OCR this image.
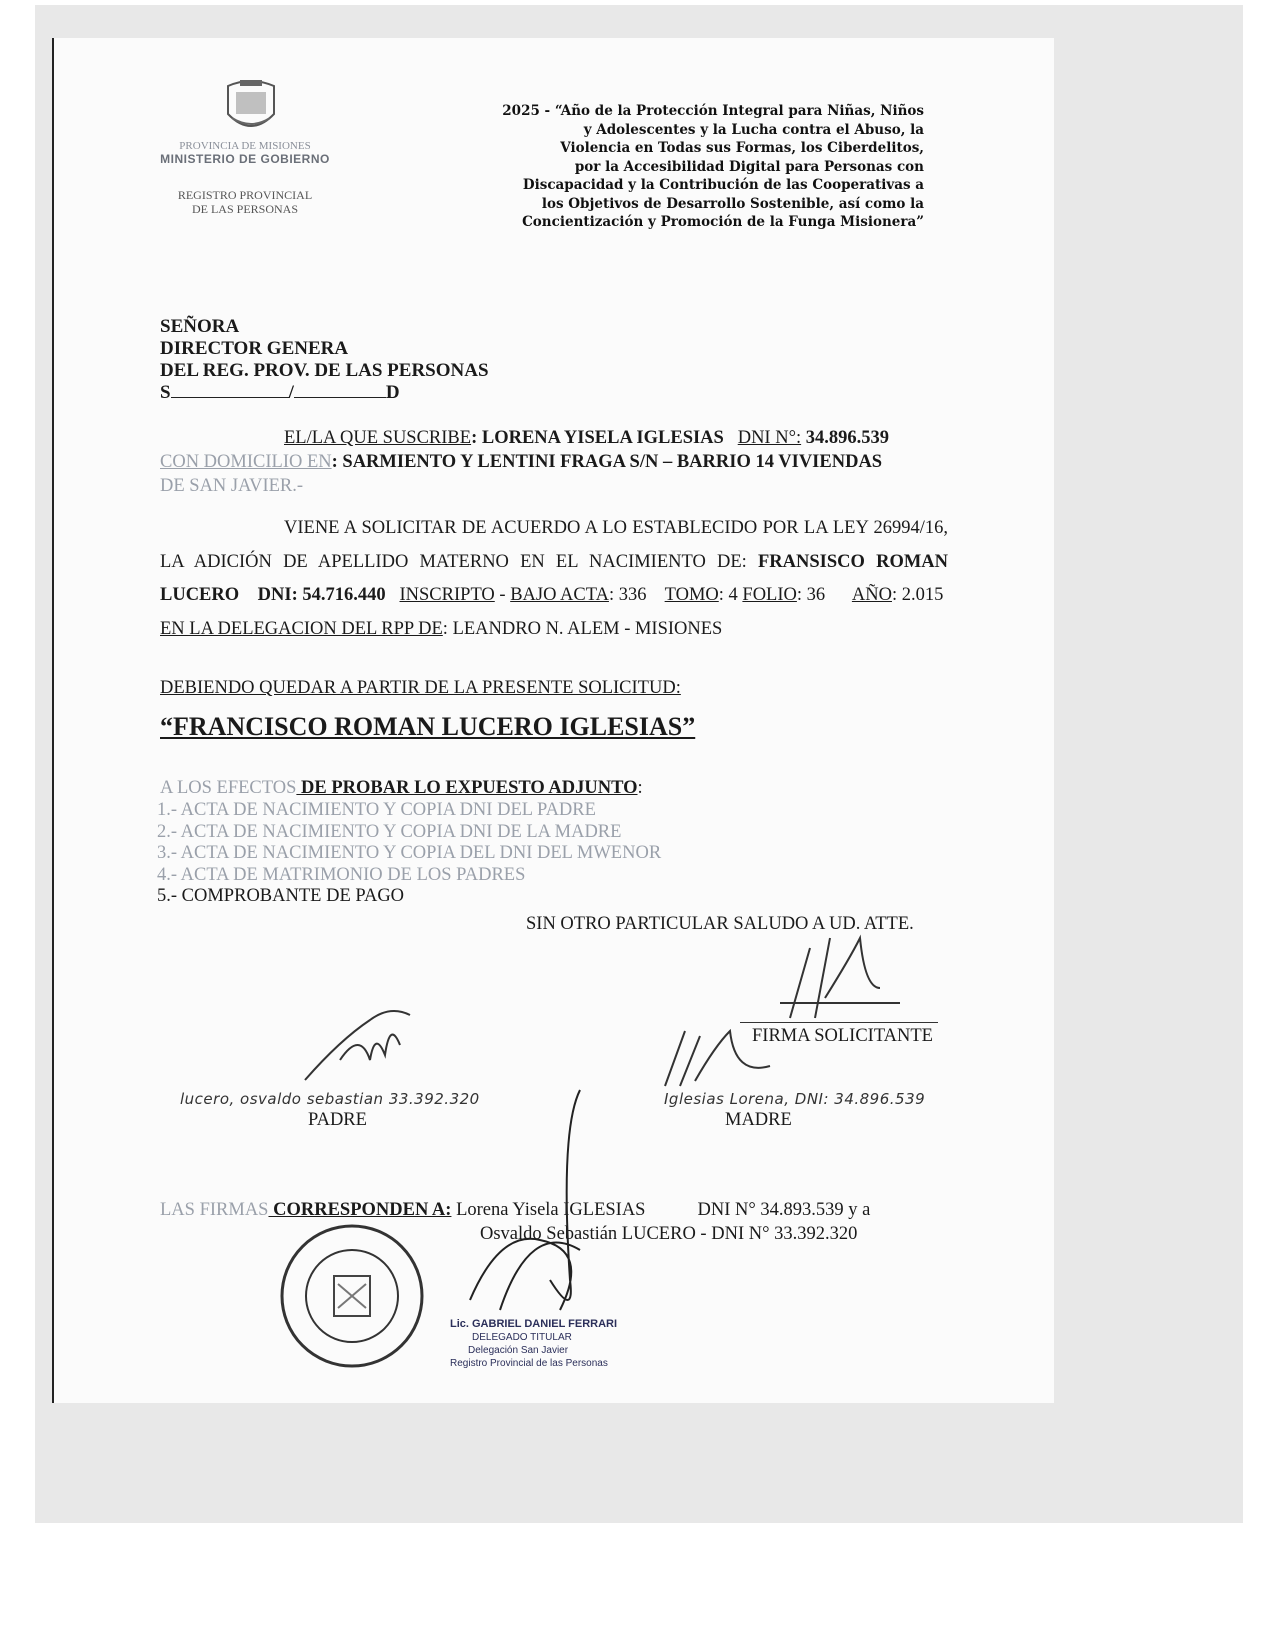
PROVINCIA DE MISIONES
MINISTERIO DE GOBIERNO
REGISTRO PROVINCIAL
DE LAS PERSONAS
2025 - “Año de la Protección Integral para Niñas, Niños
y Adolescentes y la Lucha contra el Abuso, la
Violencia en Todas sus Formas, los Ciberdelitos,
por la Accesibilidad Digital para Personas con
Discapacidad y la Contribución de las Cooperativas a
los Objetivos de Desarrollo Sostenible, así como la
Concientización y Promoción de la Funga Misionera”
SEÑORA
DIRECTOR GENERA
DEL REG. PROV. DE LAS PERSONAS
S	/	D
EL/LA QUE SUSCRIBE: LORENA YISELA IGLESIAS DNI N°: 34.896.539
CON DOMICILIO EN: SARMIENTO Y LENTINI FRAGA S/N – BARRIO 14 VIVIENDAS
DE SAN JAVIER.-
VIENE A SOLICITAR DE ACUERDO A LO ESTABLECIDO POR LA LEY 26994/16, LA ADICIÓN DE APELLIDO MATERNO EN EL NACIMIENTO DE: FRANSISCO ROMAN LUCERO DNI: 54.716.440 INSCRIPTO - BAJO ACTA: 336 TOMO: 4 FOLIO: 36 AÑO: 2.015  EN LA DELEGACION DEL RPP DE: LEANDRO N. ALEM - MISIONES
DEBIENDO QUEDAR A PARTIR DE LA PRESENTE SOLICITUD:
“FRANCISCO ROMAN LUCERO IGLESIAS”
A LOS EFECTOS DE PROBAR LO EXPUESTO ADJUNTO:
1.- ACTA DE NACIMIENTO Y COPIA DNI DEL PADRE
2.- ACTA DE NACIMIENTO Y COPIA DNI DE LA MADRE
3.- ACTA DE NACIMIENTO Y COPIA DEL DNI DEL MWENOR
4.- ACTA DE MATRIMONIO DE LOS PADRES
5.- COMPROBANTE DE PAGO
SIN OTRO PARTICULAR SALUDO A UD. ATTE.
FIRMA SOLICITANTE
lucero, osvaldo sebastian 33.392.320	Iglesias Lorena, DNI: 34.896.539
PADRE	MADRE
LAS FIRMAS CORRESPONDEN A: Lorena Yisela IGLESIAS	DNI N° 34.893.539 y a
Osvaldo Sebastián LUCERO - DNI N° 33.392.320
Lic. GABRIEL DANIEL FERRARI
DELEGADO TITULAR
Delegación San Javier
Registro Provincial de las Personas
